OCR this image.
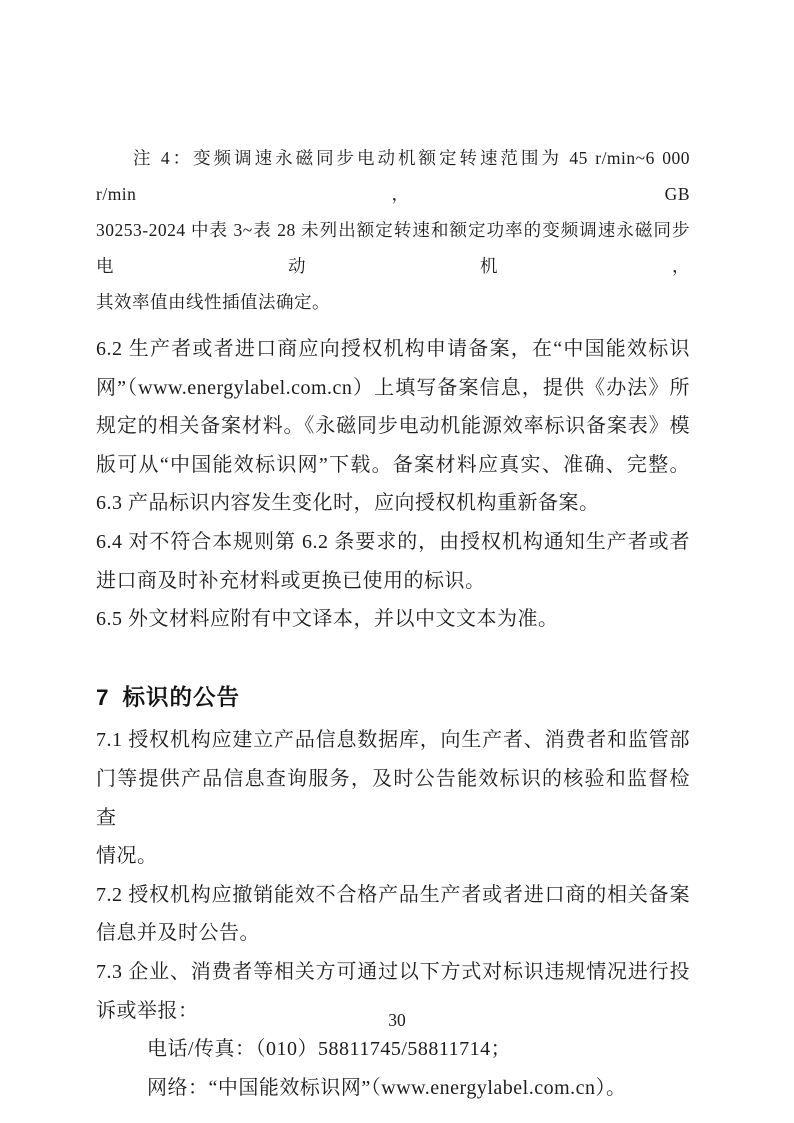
注 4：变频调速永磁同步电动机额定转速范围为 45 r/min~6 000 r/min，GB
30253-2024 中表 3~表 28 未列出额定转速和额定功率的变频调速永磁同步电动机，
其效率值由线性插值法确定。
6.2 生产者或者进口商应向授权机构申请备案，在“中国能效标识
网”（www.energylabel.com.cn）上填写备案信息，提供《办法》所
规定的相关备案材料。《永磁同步电动机能源效率标识备案表》模
版可从“中国能效标识网”下载。备案材料应真实、准确、完整。
6.3 产品标识内容发生变化时，应向授权机构重新备案。
6.4 对不符合本规则第 6.2 条要求的，由授权机构通知生产者或者
进口商及时补充材料或更换已使用的标识。
6.5 外文材料应附有中文译本，并以中文文本为准。
7 标识的公告
7.1 授权机构应建立产品信息数据库，向生产者、消费者和监管部
门等提供产品信息查询服务，及时公告能效标识的核验和监督检查
情况。
7.2 授权机构应撤销能效不合格产品生产者或者进口商的相关备案
信息并及时公告。
7.3 企业、消费者等相关方可通过以下方式对标识违规情况进行投
诉或举报：
电话/传真：（010）58811745/58811714；
网络：“中国能效标识网”（www.energylabel.com.cn）。
30
